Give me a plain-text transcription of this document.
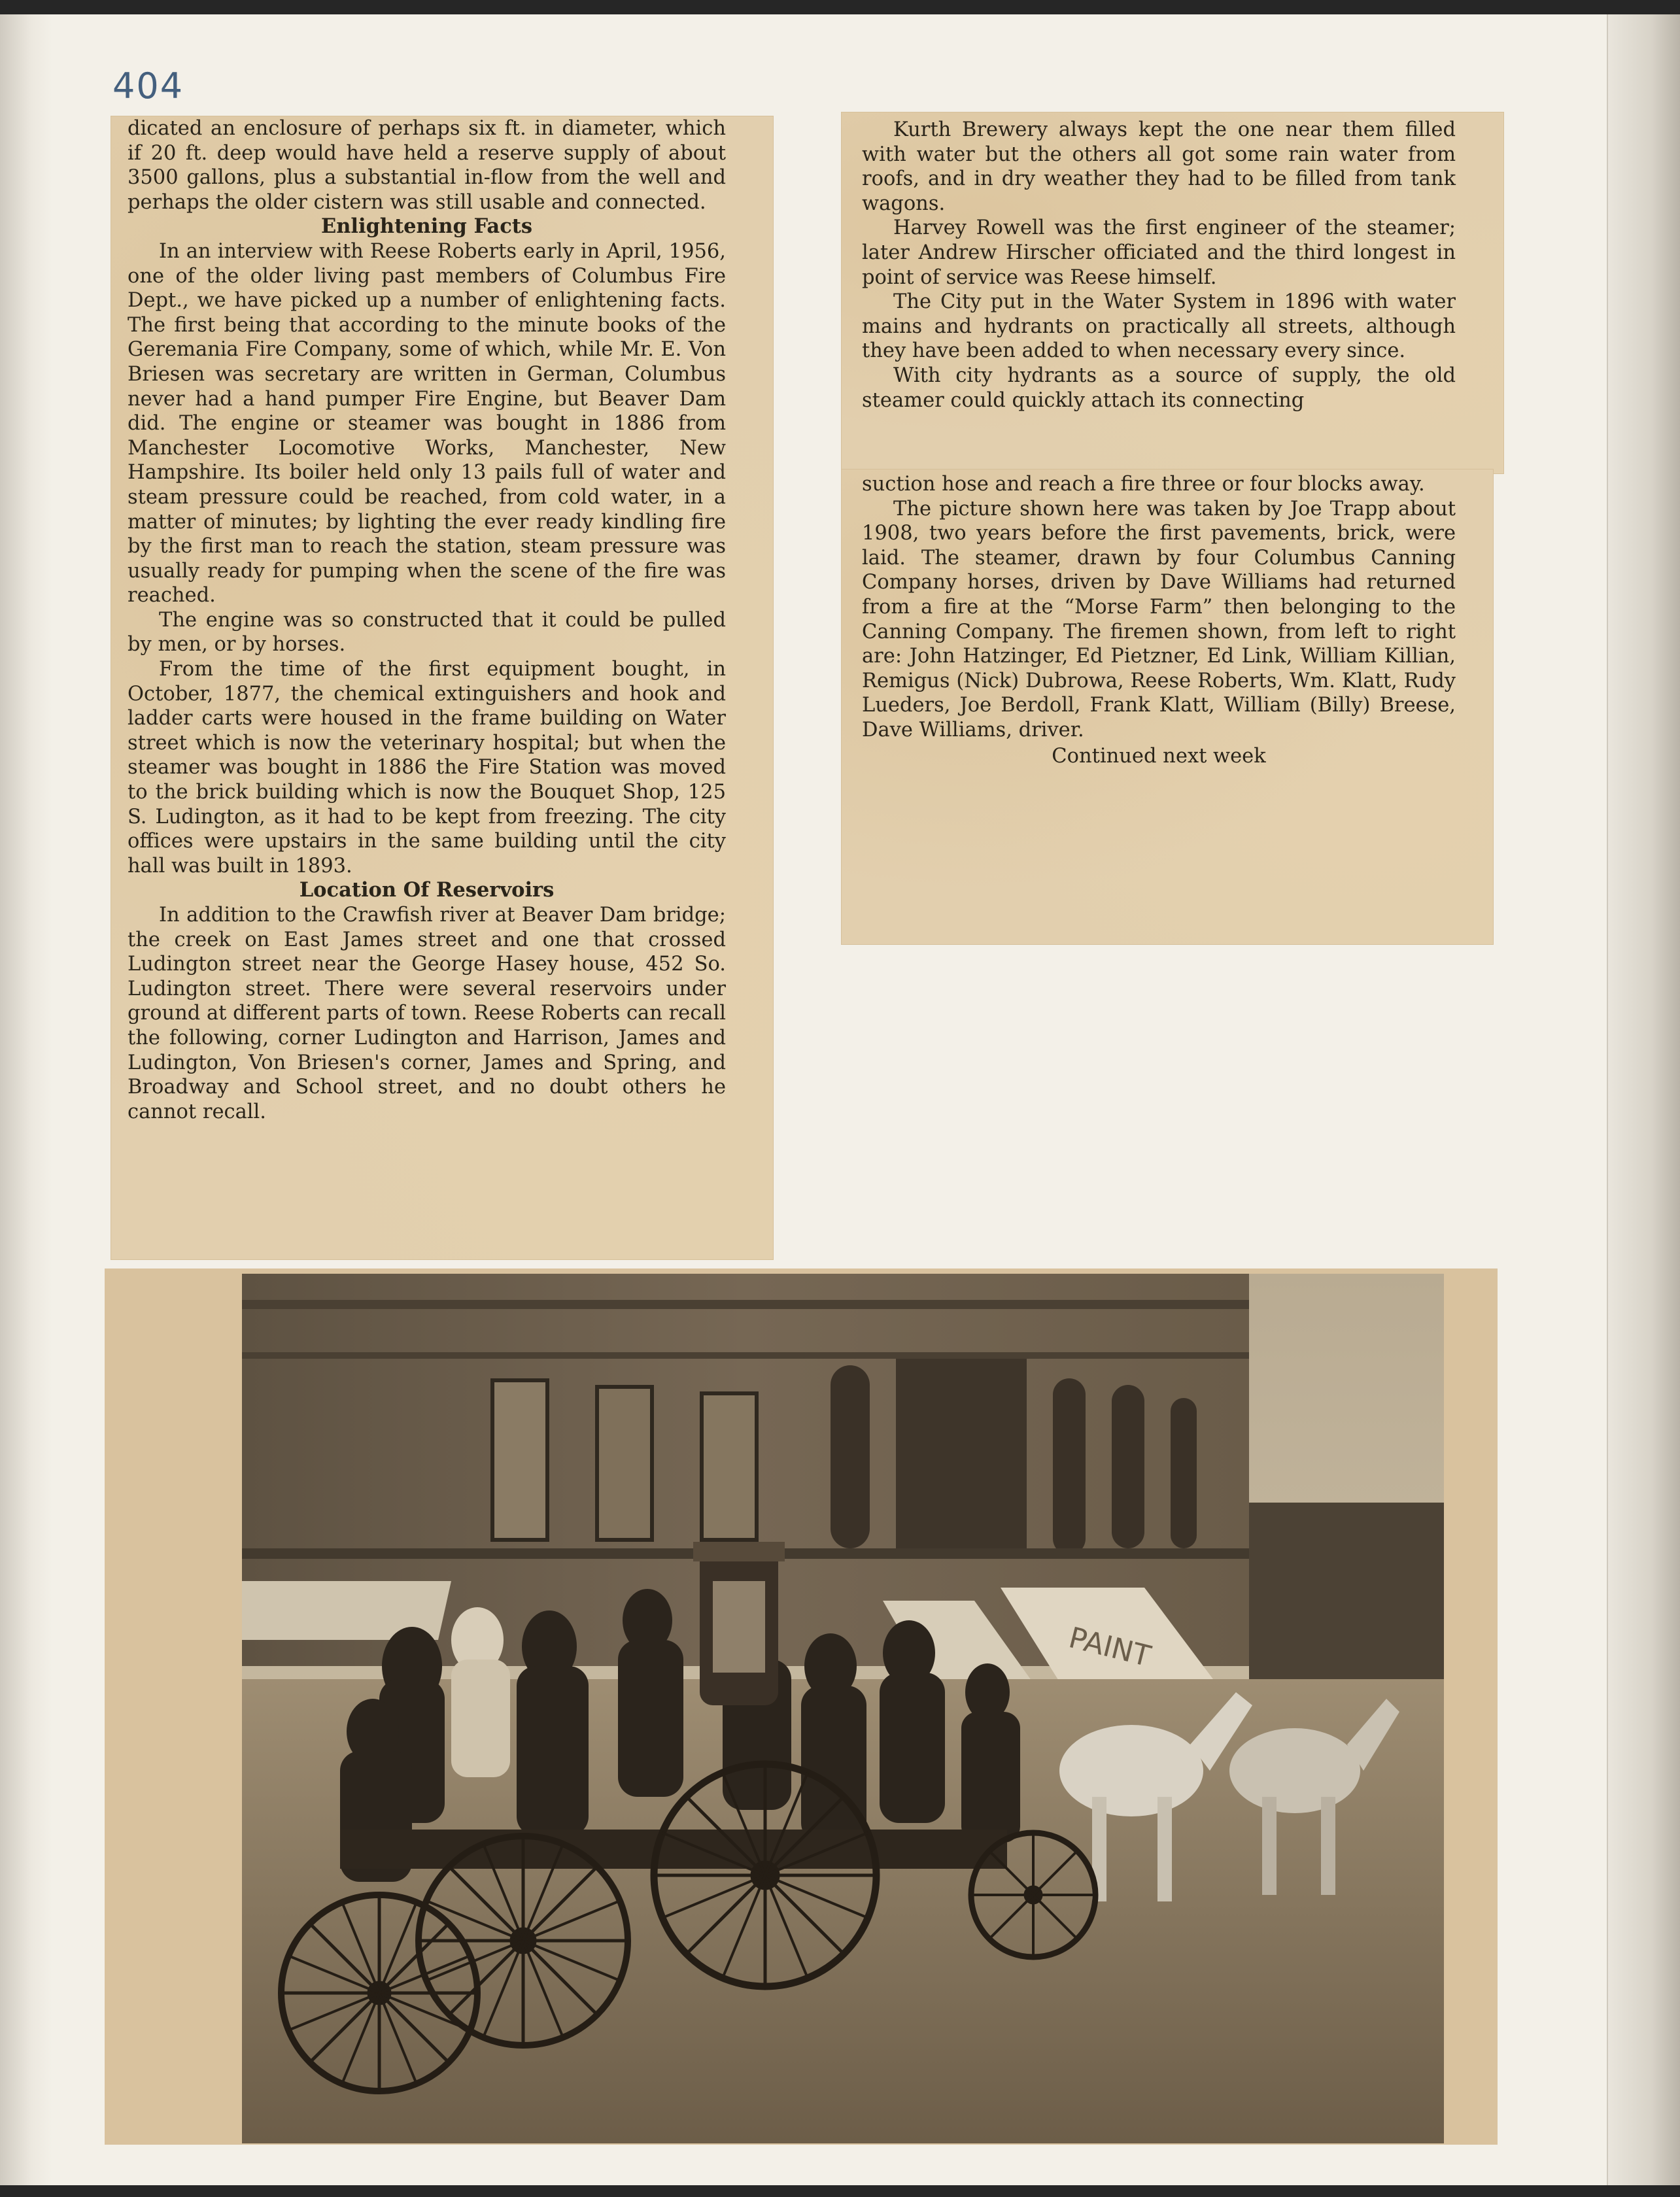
404

dicated an enclosure of perhaps six ft. in diameter, which if 20 ft. deep would have held a reserve supply of about 3500 gallons, plus a substantial in-flow from the well and perhaps the older cistern was still usable and connected.

Enlightening Facts

In an interview with Reese Roberts early in April, 1956, one of the older living past members of Columbus Fire Dept., we have picked up a number of enlightening facts. The first being that according to the minute books of the Geremania Fire Company, some of which, while Mr. E. Von Briesen was secretary are written in German, Columbus never had a hand pumper Fire Engine, but Beaver Dam did. The engine or steamer was bought in 1886 from Manchester Locomotive Works, Manchester, New Hampshire. Its boiler held only 13 pails full of water and steam pressure could be reached, from cold water, in a matter of minutes; by lighting the ever ready kindling fire by the first man to reach the station, steam pressure was usually ready for pumping when the scene of the fire was reached.

The engine was so constructed that it could be pulled by men, or by horses.

From the time of the first equipment bought, in October, 1877, the chemical extinguishers and hook and ladder carts were housed in the frame building on Water street which is now the veterinary hospital; but when the steamer was bought in 1886 the Fire Station was moved to the brick building which is now the Bouquet Shop, 125 S. Ludington, as it had to be kept from freezing. The city offices were upstairs in the same building until the city hall was built in 1893.

Location Of Reservoirs

In addition to the Crawfish river at Beaver Dam bridge; the creek on East James street and one that crossed Ludington street near the George Hasey house, 452 So. Ludington street. There were several reservoirs under ground at different parts of town. Reese Roberts can recall the following, corner Ludington and Harrison, James and Ludington, Von Briesen's corner, James and Spring, and Broadway and School street, and no doubt others he cannot recall.

Kurth Brewery always kept the one near them filled with water but the others all got some rain water from roofs, and in dry weather they had to be filled from tank wagons.

Harvey Rowell was the first engineer of the steamer; later Andrew Hirscher officiated and the third longest in point of service was Reese himself.

The City put in the Water System in 1896 with water mains and hydrants on practically all streets, although they have been added to when necessary every since.

With city hydrants as a source of supply, the old steamer could quickly attach its connecting

suction hose and reach a fire three or four blocks away.

The picture shown here was taken by Joe Trapp about 1908, two years before the first pavements, brick, were laid. The steamer, drawn by four Columbus Canning Company horses, driven by Dave Williams had returned from a fire at the “Morse Farm” then belonging to the Canning Company. The firemen shown, from left to right are: John Hatzinger, Ed Pietzner, Ed Link, William Killian, Remigus (Nick) Dubrowa, Reese Roberts, Wm. Klatt, Rudy Lueders, Joe Berdoll, Frank Klatt, William (Billy) Breese, Dave Williams, driver.

Continued next week

PAINT
